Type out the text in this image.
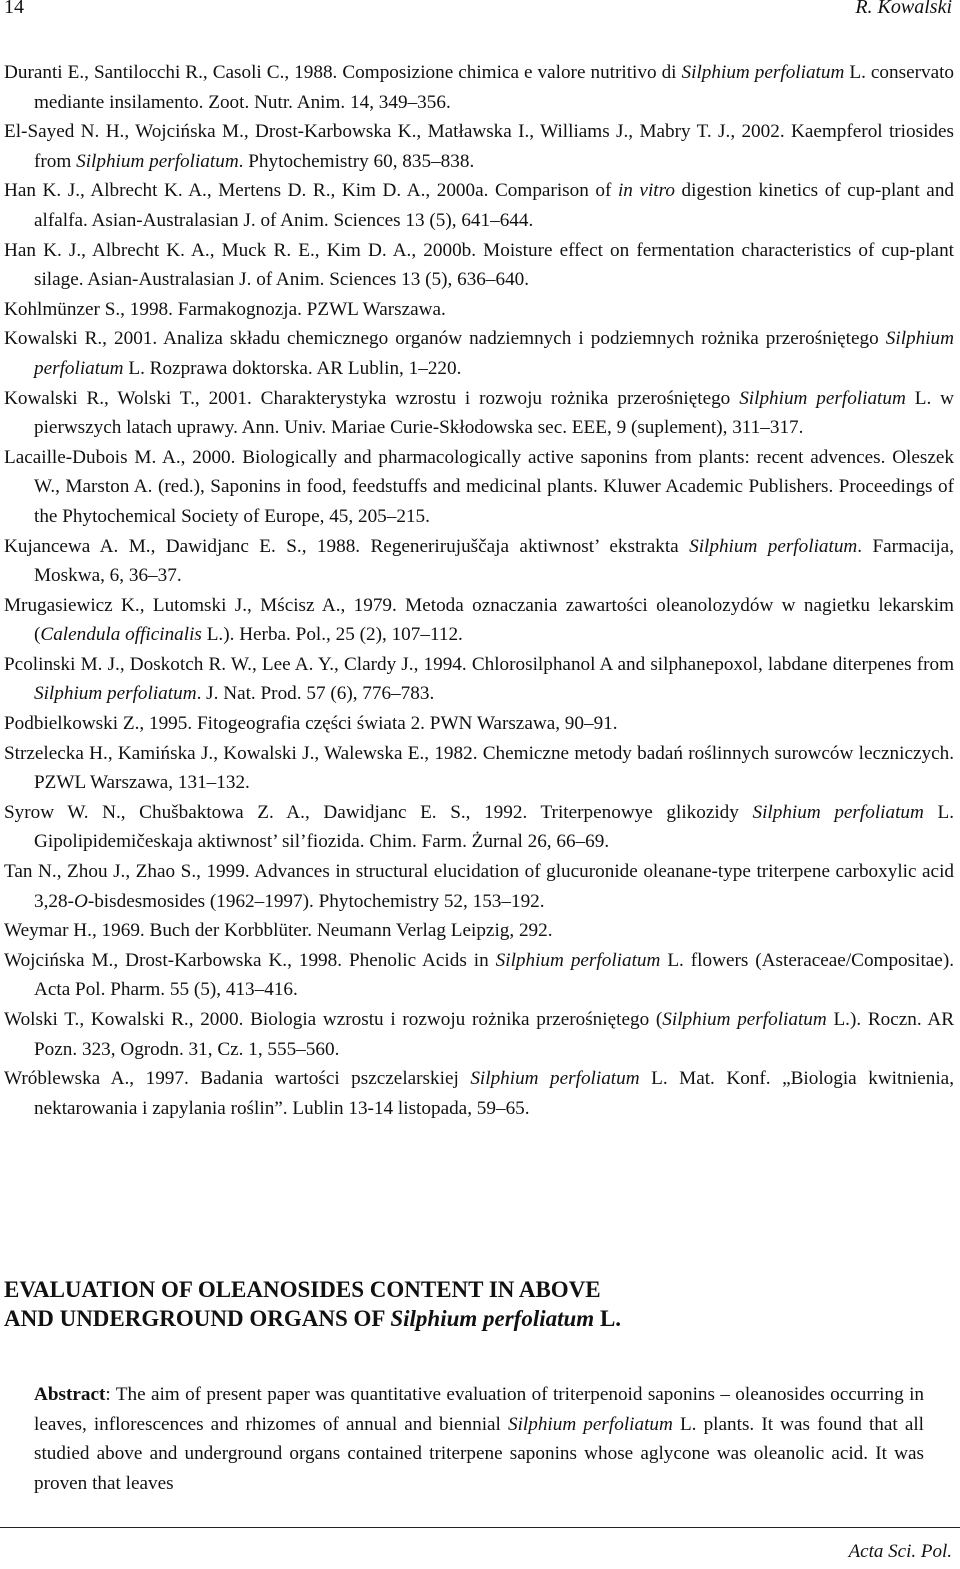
14	R. Kowalski

Duranti E., Santilocchi R., Casoli C., 1988. Composizione chimica e valore nutritivo di Silphium perfoliatum L. conservato mediante insilamento. Zoot. Nutr. Anim. 14, 349–356.

El-Sayed N. H., Wojcińska M., Drost-Karbowska K., Matławska I., Williams J., Mabry T. J., 2002. Kaempferol triosides from Silphium perfoliatum. Phytochemistry 60, 835–838.

Han K. J., Albrecht K. A., Mertens D. R., Kim D. A., 2000a. Comparison of in vitro digestion kinetics of cup-plant and alfalfa. Asian-Australasian J. of Anim. Sciences 13 (5), 641–644.

Han K. J., Albrecht K. A., Muck R. E., Kim D. A., 2000b. Moisture effect on fermentation characteristics of cup-plant silage. Asian-Australasian J. of Anim. Sciences 13 (5), 636–640.

Kohlmünzer S., 1998. Farmakognozja. PZWL Warszawa.

Kowalski R., 2001. Analiza składu chemicznego organów nadziemnych i podziemnych rożnika przerośniętego Silphium perfoliatum L. Rozprawa doktorska. AR Lublin, 1–220.

Kowalski R., Wolski T., 2001. Charakterystyka wzrostu i rozwoju rożnika przerośniętego Silphium perfoliatum L. w pierwszych latach uprawy. Ann. Univ. Mariae Curie-Skłodowska sec. EEE, 9 (suplement), 311–317.

Lacaille-Dubois M. A., 2000. Biologically and pharmacologically active saponins from plants: recent advences. Oleszek W., Marston A. (red.), Saponins in food, feedstuffs and medicinal plants. Kluwer Academic Publishers. Proceedings of the Phytochemical Society of Europe, 45, 205–215.

Kujancewa A. M., Dawidjanc E. S., 1988. Regenerirujuščaja aktiwnost’ ekstrakta Silphium perfoliatum. Farmacija, Moskwa, 6, 36–37.

Mrugasiewicz K., Lutomski J., Mścisz A., 1979. Metoda oznaczania zawartości oleanolozydów w nagietku lekarskim (Calendula officinalis L.). Herba. Pol., 25 (2), 107–112.

Pcolinski M. J., Doskotch R. W., Lee A. Y., Clardy J., 1994. Chlorosilphanol A and silphanepoxol, labdane diterpenes from Silphium perfoliatum. J. Nat. Prod. 57 (6), 776–783.

Podbielkowski Z., 1995. Fitogeografia części świata 2. PWN Warszawa, 90–91.

Strzelecka H., Kamińska J., Kowalski J., Walewska E., 1982. Chemiczne metody badań roślinnych surowców leczniczych. PZWL Warszawa, 131–132.

Syrow W. N., Chušbaktowa Z. A., Dawidjanc E. S., 1992. Triterpenowye glikozidy Silphium perfoliatum L. Gipolipidemičeskaja aktiwnost’ sil’fiozida. Chim. Farm. Żurnal 26, 66–69.

Tan N., Zhou J., Zhao S., 1999. Advances in structural elucidation of glucuronide oleanane-type triterpene carboxylic acid 3,28-O-bisdesmosides (1962–1997). Phytochemistry 52, 153–192.

Weymar H., 1969. Buch der Korbblüter. Neumann Verlag Leipzig, 292.

Wojcińska M., Drost-Karbowska K., 1998. Phenolic Acids in Silphium perfoliatum L. flowers (Asteraceae/Compositae). Acta Pol. Pharm. 55 (5), 413–416.

Wolski T., Kowalski R., 2000. Biologia wzrostu i rozwoju rożnika przerośniętego (Silphium perfoliatum L.). Roczn. AR Pozn. 323, Ogrodn. 31, Cz. 1, 555–560.

Wróblewska A., 1997. Badania wartości pszczelarskiej Silphium perfoliatum L. Mat. Konf. „Biologia kwitnienia, nektarowania i zapylania roślin”. Lublin 13-14 listopada, 59–65.

EVALUATION OF OLEANOSIDES CONTENT IN ABOVE
AND UNDERGROUND ORGANS OF Silphium perfoliatum L.
Abstract: The aim of present paper was quantitative evaluation of triterpenoid saponins – oleanosides occurring in leaves, inflorescences and rhizomes of annual and biennial Silphium perfoliatum L. plants. It was found that all studied above and underground organs contained triterpene saponins whose aglycone was oleanolic acid. It was proven that leaves
Acta Sci. Pol.
